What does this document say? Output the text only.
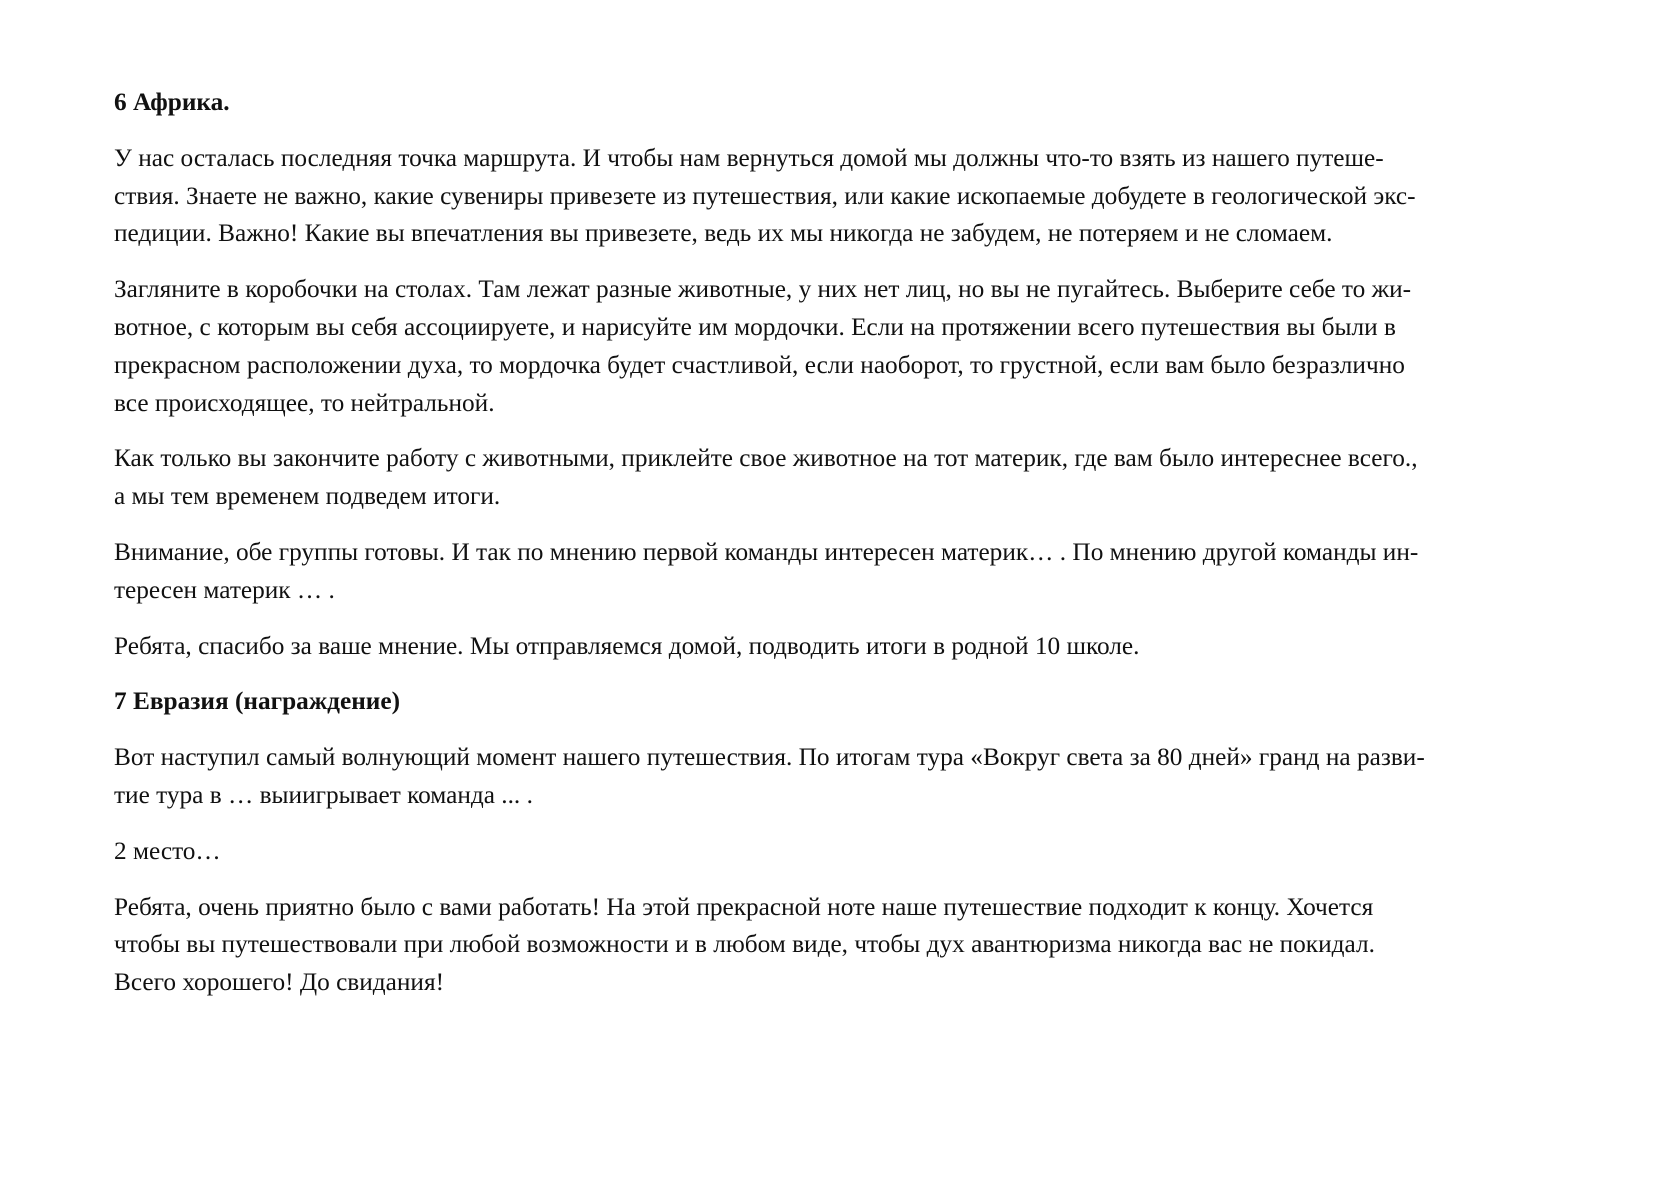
6 Африка.

У нас осталась последняя точка маршрута. И чтобы нам вернуться домой мы должны что-то взять из нашего путеше-
ствия. Знаете не важно, какие сувениры привезете из путешествия, или какие ископаемые добудете в геологической экс-
педиции. Важно! Какие вы впечатления вы привезете, ведь их мы никогда не забудем, не потеряем и не сломаем.

Загляните в коробочки на столах. Там лежат разные животные, у них нет лиц, но вы не пугайтесь. Выберите себе то жи-
вотное, с которым вы себя ассоциируете, и нарисуйте им мордочки. Если на протяжении всего путешествия вы были в
прекрасном расположении духа, то мордочка будет счастливой, если наоборот, то грустной, если вам было безразлично
все происходящее, то нейтральной.

Как только вы закончите работу с животными, приклейте свое животное на тот материк, где вам было интереснее всего.,
а мы тем временем подведем итоги.

Внимание, обе группы готовы. И так по мнению первой команды интересен материк… . По мнению другой команды ин-
тересен материк … .

Ребята, спасибо за ваше мнение. Мы отправляемся домой, подводить итоги в родной 10 школе.

7 Евразия (награждение)

Вот наступил самый волнующий момент нашего путешествия. По итогам тура «Вокруг света за 80 дней» гранд на разви-
тие тура в … выиигрывает команда ... .

2 место…

Ребята, очень приятно было с вами работать! На этой прекрасной ноте наше путешествие подходит к концу. Хочется
чтобы вы путешествовали при любой возможности и в любом виде, чтобы дух авантюризма никогда вас не покидал.
Всего хорошего! До свидания!
